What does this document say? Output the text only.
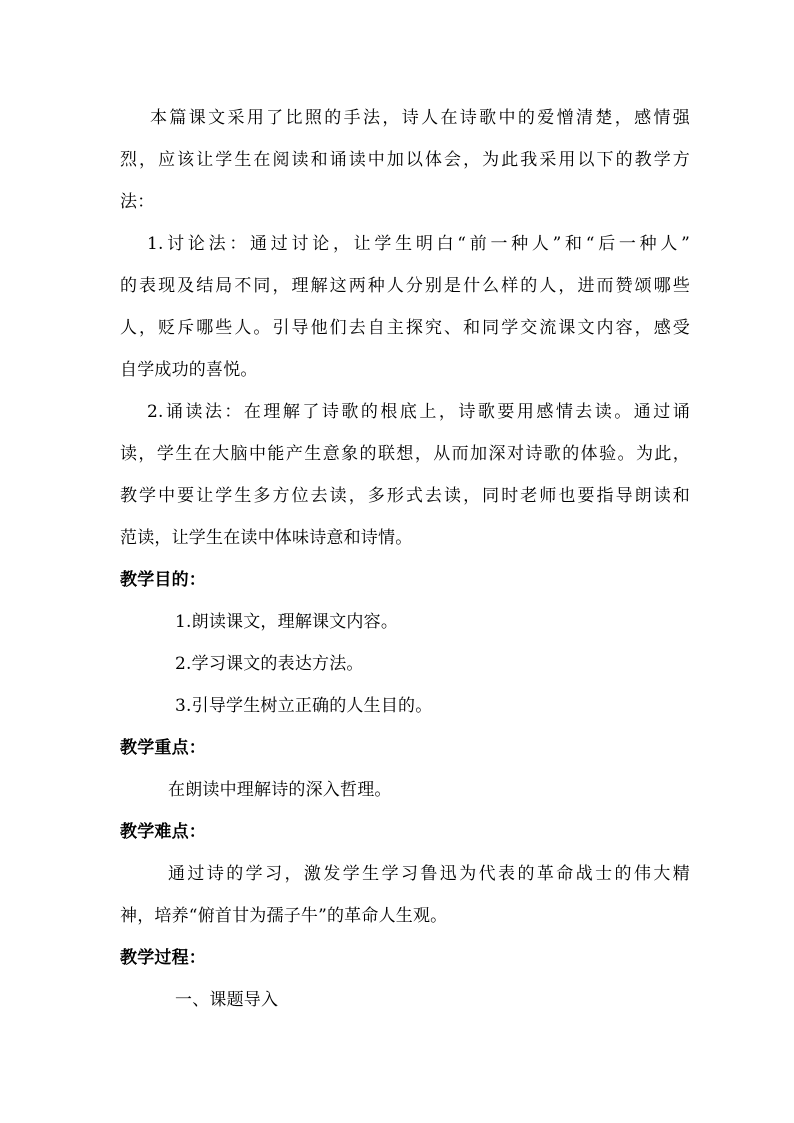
本篇课文采用了比照的手法，诗人在诗歌中的爱憎清楚，感情强
烈，应该让学生在阅读和诵读中加以体会，为此我采用以下的教学方
法：
1.讨论法：通过讨论，让学生明白“前一种人”和“后一种人”
的表现及结局不同，理解这两种人分别是什么样的人，进而赞颂哪些
人，贬斥哪些人。引导他们去自主探究、和同学交流课文内容，感受
自学成功的喜悦。
2.诵读法：在理解了诗歌的根底上，诗歌要用感情去读。通过诵
读，学生在大脑中能产生意象的联想，从而加深对诗歌的体验。为此，
教学中要让学生多方位去读，多形式去读，同时老师也要指导朗读和
范读，让学生在读中体味诗意和诗情。
教学目的：
1.朗读课文，理解课文内容。
2.学习课文的表达方法。
3.引导学生树立正确的人生目的。
教学重点：
在朗读中理解诗的深入哲理。
教学难点：
通过诗的学习，激发学生学习鲁迅为代表的革命战士的伟大精
神，培养“俯首甘为孺子牛”的革命人生观。
教学过程：
一、课题导入
